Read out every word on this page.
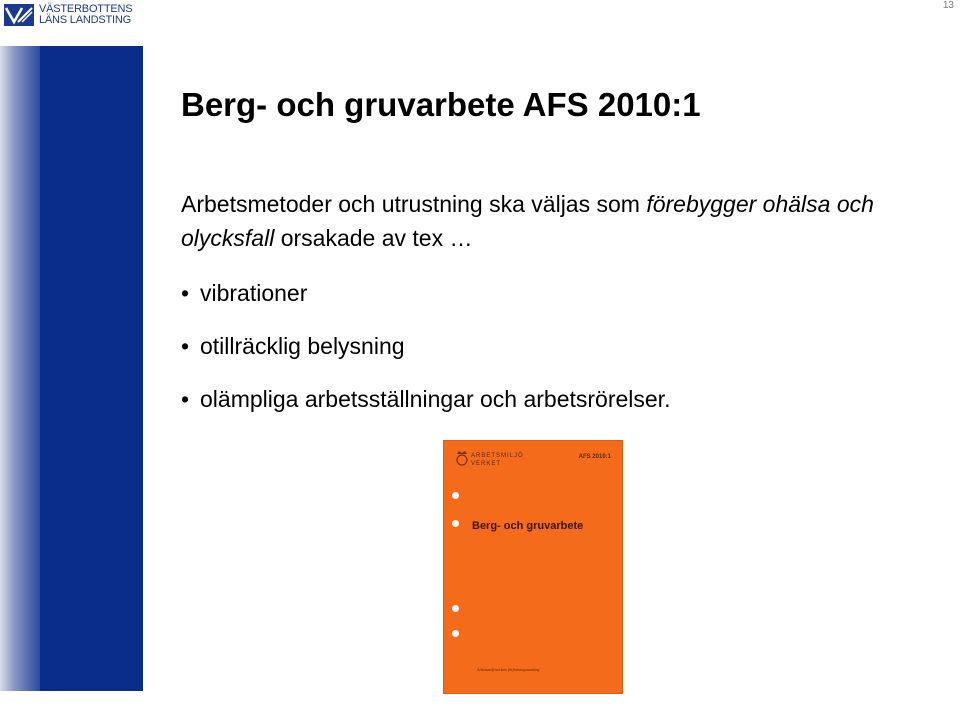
VÄSTERBOTTENS
LÄNS LANDSTING
13
Berg- och gruvarbete AFS 2010:1
Arbetsmetoder och utrustning ska väljas som förebygger ohälsa och olycksfall orsakade av tex …
• vibrationer
• otillräcklig belysning
• olämpliga arbetsställningar och arbetsrörelser.
ARBETSMILJÖ
VERKET
AFS 2010:1
Berg- och gruvarbete
Arbetsmiljöverkets författningssamling
